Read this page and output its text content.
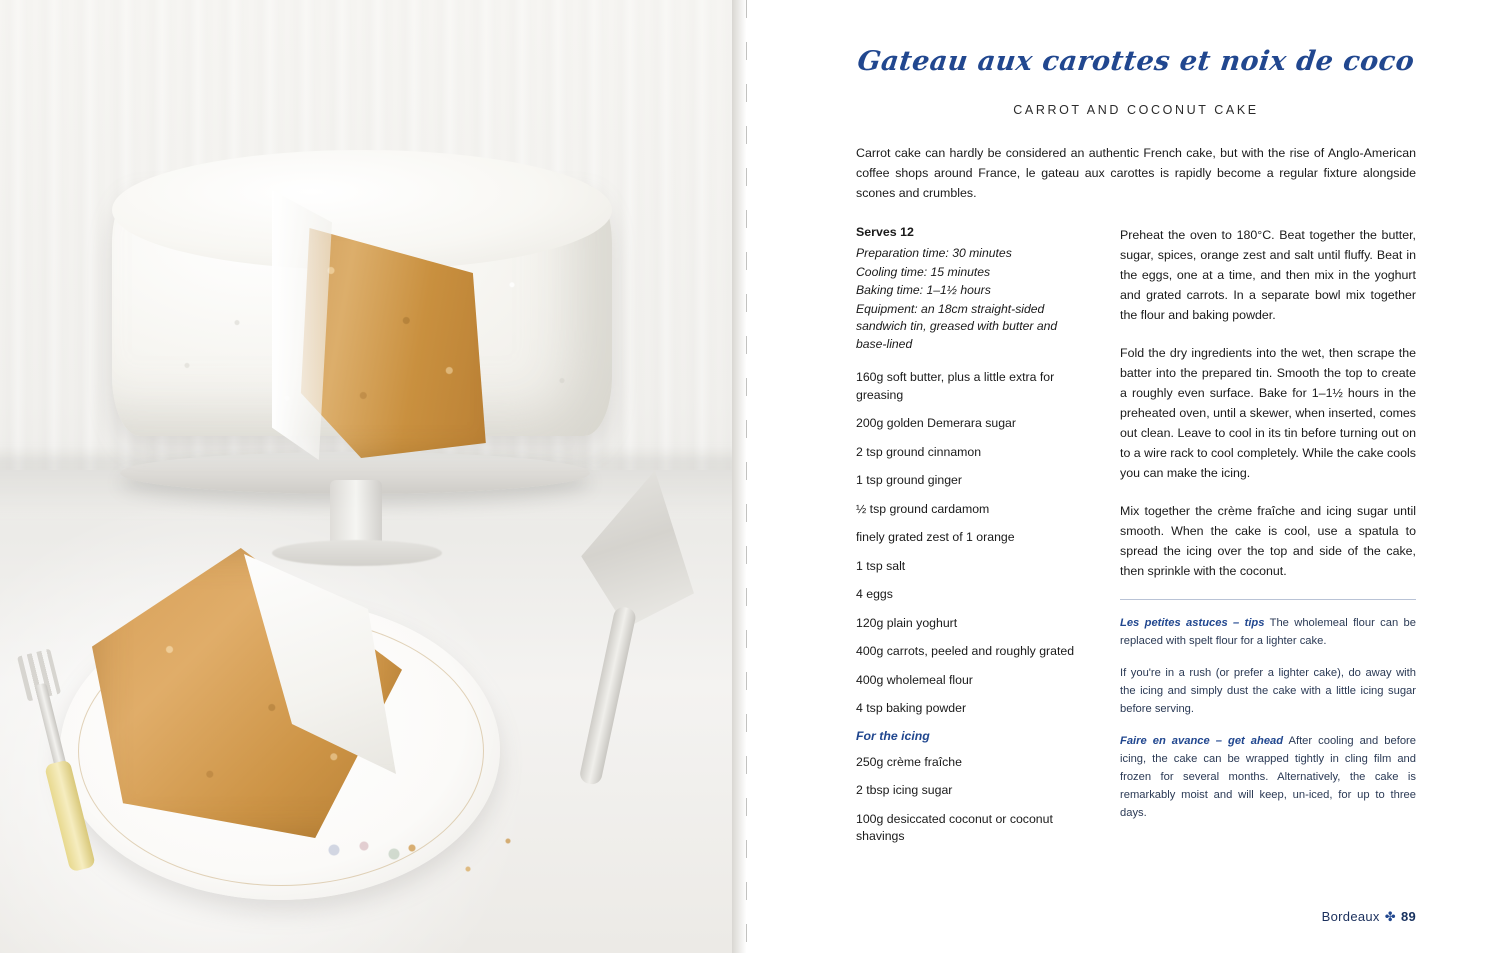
Gateau aux carottes et noix de coco
CARROT AND COCONUT CAKE

Carrot cake can hardly be considered an authentic French cake, but with the rise of Anglo-American coffee shops around France, le gateau aux carottes is rapidly become a regular fixture alongside scones and crumbles.

Serves 12
Preparation time: 30 minutes
Cooling time: 15 minutes
Baking time: 1–1½ hours
Equipment: an 18cm straight-sided sandwich tin, greased with butter and base-lined
160g soft butter, plus a little extra for greasing
200g golden Demerara sugar
2 tsp ground cinnamon
1 tsp ground ginger
½ tsp ground cardamom
finely grated zest of 1 orange
1 tsp salt
4 eggs
120g plain yoghurt
400g carrots, peeled and roughly grated
400g wholemeal flour
4 tsp baking powder
For the icing
250g crème fraîche
2 tbsp icing sugar
100g desiccated coconut or coconut shavings

Preheat the oven to 180°C. Beat together the butter, sugar, spices, orange zest and salt until fluffy. Beat in the eggs, one at a time, and then mix in the yoghurt and grated carrots. In a separate bowl mix together the flour and baking powder.

Fold the dry ingredients into the wet, then scrape the batter into the prepared tin. Smooth the top to create a roughly even surface. Bake for 1–1½ hours in the preheated oven, until a skewer, when inserted, comes out clean. Leave to cool in its tin before turning out on to a wire rack to cool completely. While the cake cools you can make the icing.

Mix together the crème fraîche and icing sugar until smooth. When the cake is cool, use a spatula to spread the icing over the top and side of the cake, then sprinkle with the coconut.

Les petites astuces – tips The wholemeal flour can be replaced with spelt flour for a lighter cake.

If you're in a rush (or prefer a lighter cake), do away with the icing and simply dust the cake with a little icing sugar before serving.

Faire en avance – get ahead After cooling and before icing, the cake can be wrapped tightly in cling film and frozen for several months. Alternatively, the cake is remarkably moist and will keep, un-iced, for up to three days.

Bordeaux ✤ 89
